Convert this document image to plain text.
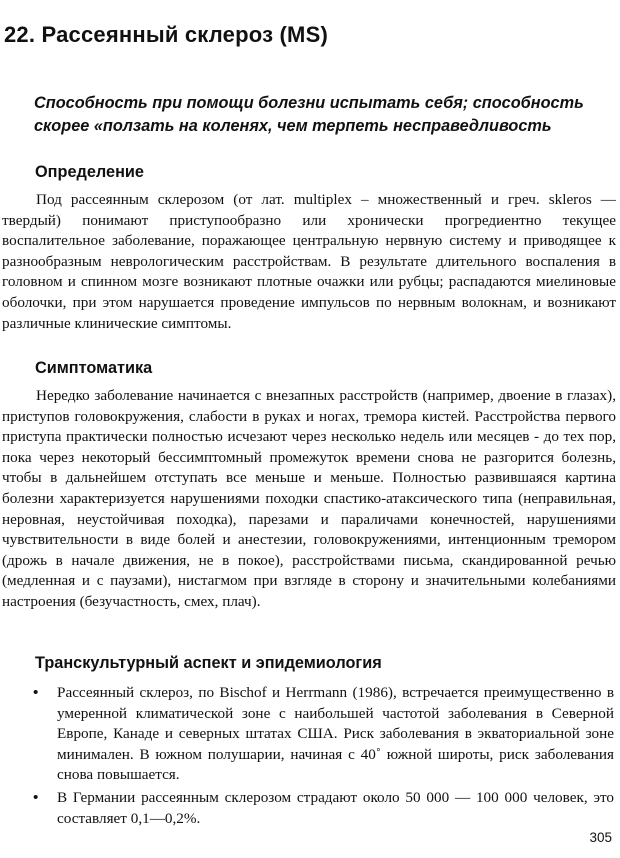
22. Рассеянный склероз (MS)

Способность при помощи болезни испытать себя; способность скорее «ползать на коленях, чем терпеть несправедливость

Определение

Под рассеянным склерозом (от лат. multiplex – множественный и греч. skleros — твердый) понимают приступообразно или хронически прогредиентно текущее воспалительное заболевание, поражающее центральную нервную систему и приводящее к разнообразным неврологическим расстройствам. В результате длительного воспаления в головном и спинном мозге возникают плотные очажки или рубцы; распадаются миелиновые оболочки, при этом нарушается проведение импульсов по нервным волокнам, и возникают различные клинические симптомы.

Симптоматика

Нередко заболевание начинается с внезапных расстройств (например, двоение в глазах), приступов головокружения, слабости в руках и ногах, тремора кистей. Расстройства первого приступа практически полностью исчезают через несколько недель или месяцев - до тех пор, пока через некоторый бессимптомный промежуток времени снова не разгорится болезнь, чтобы в дальнейшем отступать все меньше и меньше. Полностью развившаяся картина болезни характеризуется нарушениями походки спастико-атаксического типа (неправильная, неровная, неустойчивая походка), парезами и параличами конечностей, нарушениями чувствительности в виде болей и анестезии, головокружениями, интенционным тремором (дрожь в начале движения, не в покое), расстройствами письма, скандированной речью (медленная и с паузами), нистагмом при взгляде в сторону и значительными колебаниями настроения (безучастность, смех, плач).

Транскультурный аспект и эпидемиология
• Рассеянный склероз, по Bischof и Herrmann (1986), встречается преимущественно в умеренной климатической зоне с наибольшей частотой заболевания в Северной Европе, Канаде и северных штатах США. Риск заболевания в экваториальной зоне минимален. В южном полушарии, начиная с 40˚ южной широты, риск заболевания снова повышается.
• В Германии рассеянным склерозом страдают около 50 000 — 100 000 человек, это составляет 0,1—0,2%.
305
